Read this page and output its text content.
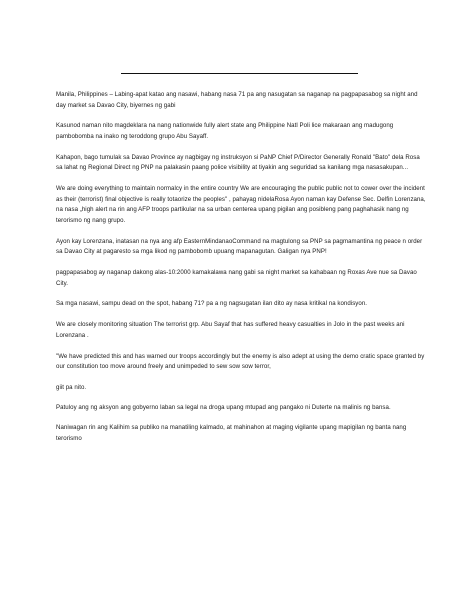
Manila, Philippines – Labing-apat katao ang nasawi, habang nasa 71 pa ang nasugatan sa naganap na pagpapasabog sa night and day market sa Davao City, biyernes ng gabi

Kasunod naman nito magdeklara na nang nationwide fully alert state ang Philippine Natl Poli lice makaraan ang madugong pambobomba na inako ng teroddong grupo Abu Sayaff.

Kahapon, bago tumulak sa Davao Province ay nagbigay ng instruksyon si PaNP Chief P/Director Generally Ronald "Bato" dela Rosa sa lahat ng Regional Direct ng PNP na palakasin paang police visibility at tiyakin ang seguridad sa kanilang mga nasasakupan...

We are doing everything to maintain normalcy in the entire country We are encouraging the public public not to cower over the incident as their (terrorist) final objective is really totaorize the peoples" , pahayag nidelaRosa Ayon naman kay Defense Sec. Delfin Lorenzana, na nasa „high alert na rin ang AFP troops partikular na sa urban centerea upang pigilan ang posibleng pang paghahasik nang ng terorismo ng nang grupo.

Ayon kay Lorenzana, inatasan na nya ang afp EasternMindanaoCommand na magtulong sa PNP sa pagmamantina ng peace n order sa Davao City at pagaresto sa mga likod ng pambobomb upuang mapanagutan. Galigan nya PNP!

pagpapasabog ay naganap dakong alas-10:2000 kamakalawa nang gabi sa night market sa kahabaan ng Roxas Ave nue sa Davao City.

Sa mga nasawi, sampu dead on the spot, habang 71? pa a ng nagsugatan ilan dito ay nasa kritikal na kondisyon.

We are closely monitoring situation The terrorist grp. Abu Sayaf that has suffered heavy casualties in Jolo in the past weeks ani Lorenzana .

"We have predicted this and has warned our troops accordingly but the enemy is also adept at using the demo cratic space granted by our constitution too move around freely and unimpeded to sew sow sow terror,

giit pa nito.

Patuloy ang ng aksyon ang gobyerno laban sa legal na droga upang mtupad ang pangako ni Duterte na malinis ng bansa.

Naniwagan rin ang Kalihim sa publiko na manatiling kalmado, at mahinahon at maging vigilante upang mapigilan ng banta nang terorismo
